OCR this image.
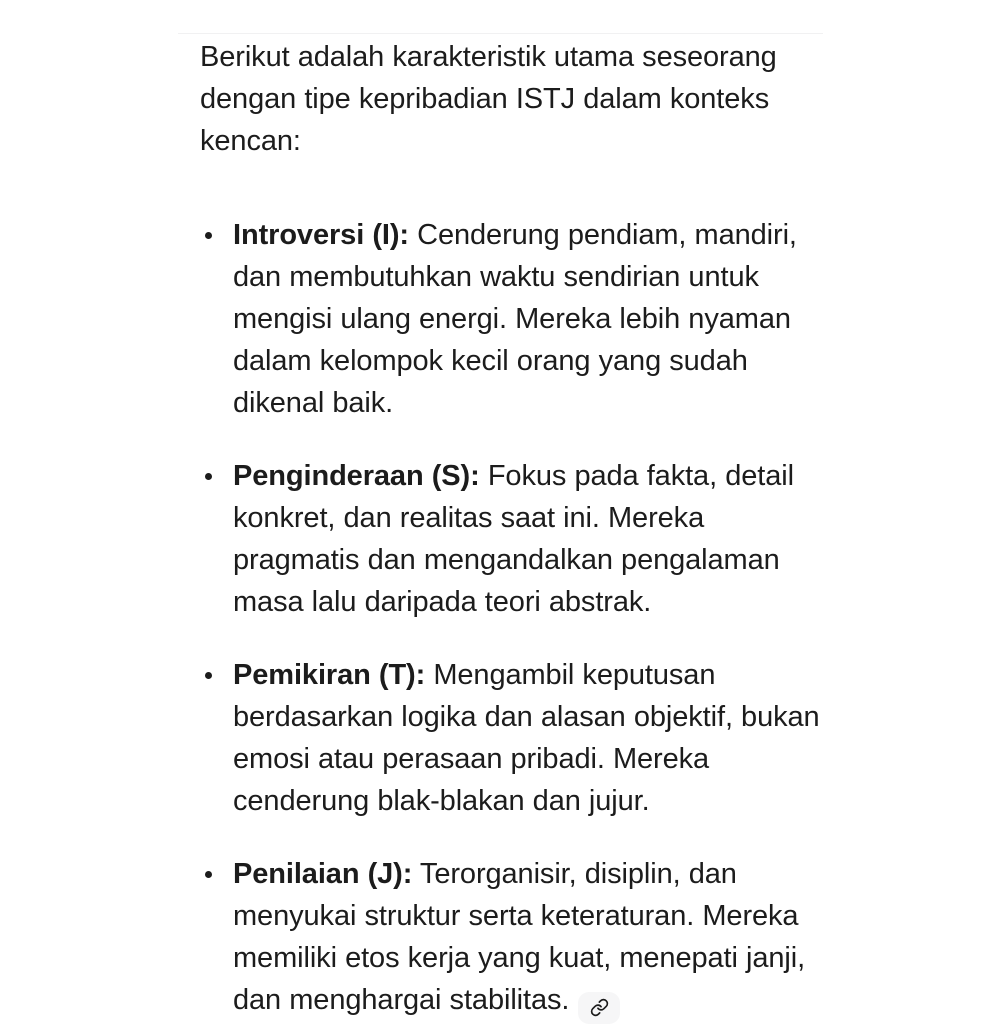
Berikut adalah karakteristik utama seseorang dengan tipe kepribadian ISTJ dalam konteks kencan:

Introversi (I): Cenderung pendiam, mandiri, dan membutuhkan waktu sendirian untuk mengisi ulang energi. Mereka lebih nyaman dalam kelompok kecil orang yang sudah dikenal baik.
Penginderaan (S): Fokus pada fakta, detail konkret, dan realitas saat ini. Mereka pragmatis dan mengandalkan pengalaman masa lalu daripada teori abstrak.
Pemikiran (T): Mengambil keputusan berdasarkan logika dan alasan objektif, bukan emosi atau perasaan pribadi. Mereka cenderung blak-blakan dan jujur.
Penilaian (J): Terorganisir, disiplin, dan menyukai struktur serta keteraturan. Mereka memiliki etos kerja yang kuat, menepati janji, dan menghargai stabilitas.
